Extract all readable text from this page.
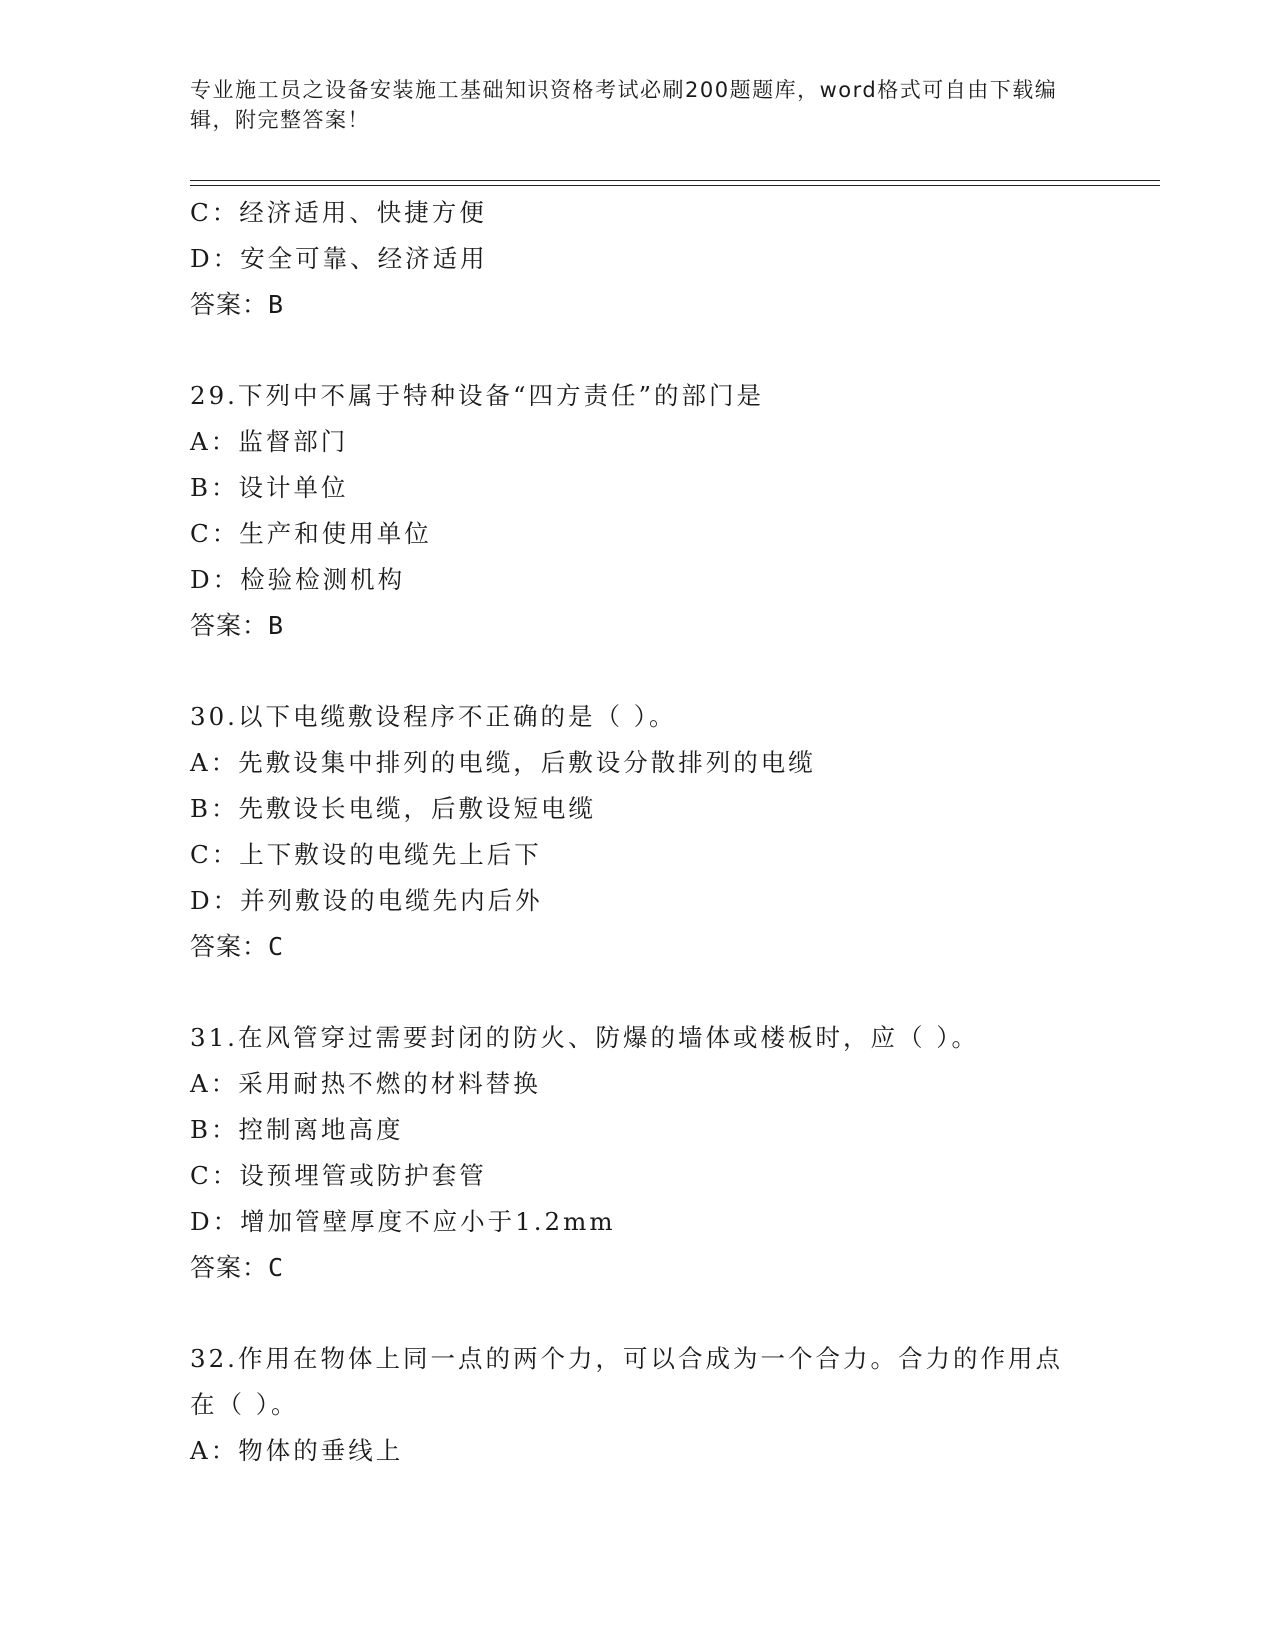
专业施工员之设备安装施工基础知识资格考试必刷200题题库，word格式可自由下载编辑，附完整答案！
C：经济适用、快捷方便
D：安全可靠、经济适用
答案：B
29.下列中不属于特种设备“四方责任”的部门是
A：监督部门
B：设计单位
C：生产和使用单位
D：检验检测机构
答案：B
30.以下电缆敷设程序不正确的是（ ）。
A：先敷设集中排列的电缆，后敷设分散排列的电缆
B：先敷设长电缆，后敷设短电缆
C：上下敷设的电缆先上后下
D：并列敷设的电缆先内后外
答案：C
31.在风管穿过需要封闭的防火、防爆的墙体或楼板时，应（ ）。
A：采用耐热不燃的材料替换
B：控制离地高度
C：设预埋管或防护套管
D：增加管壁厚度不应小于1.2mm
答案：C
32.作用在物体上同一点的两个力，可以合成为一个合力。合力的作用点在（ ）。
A：物体的垂线上
